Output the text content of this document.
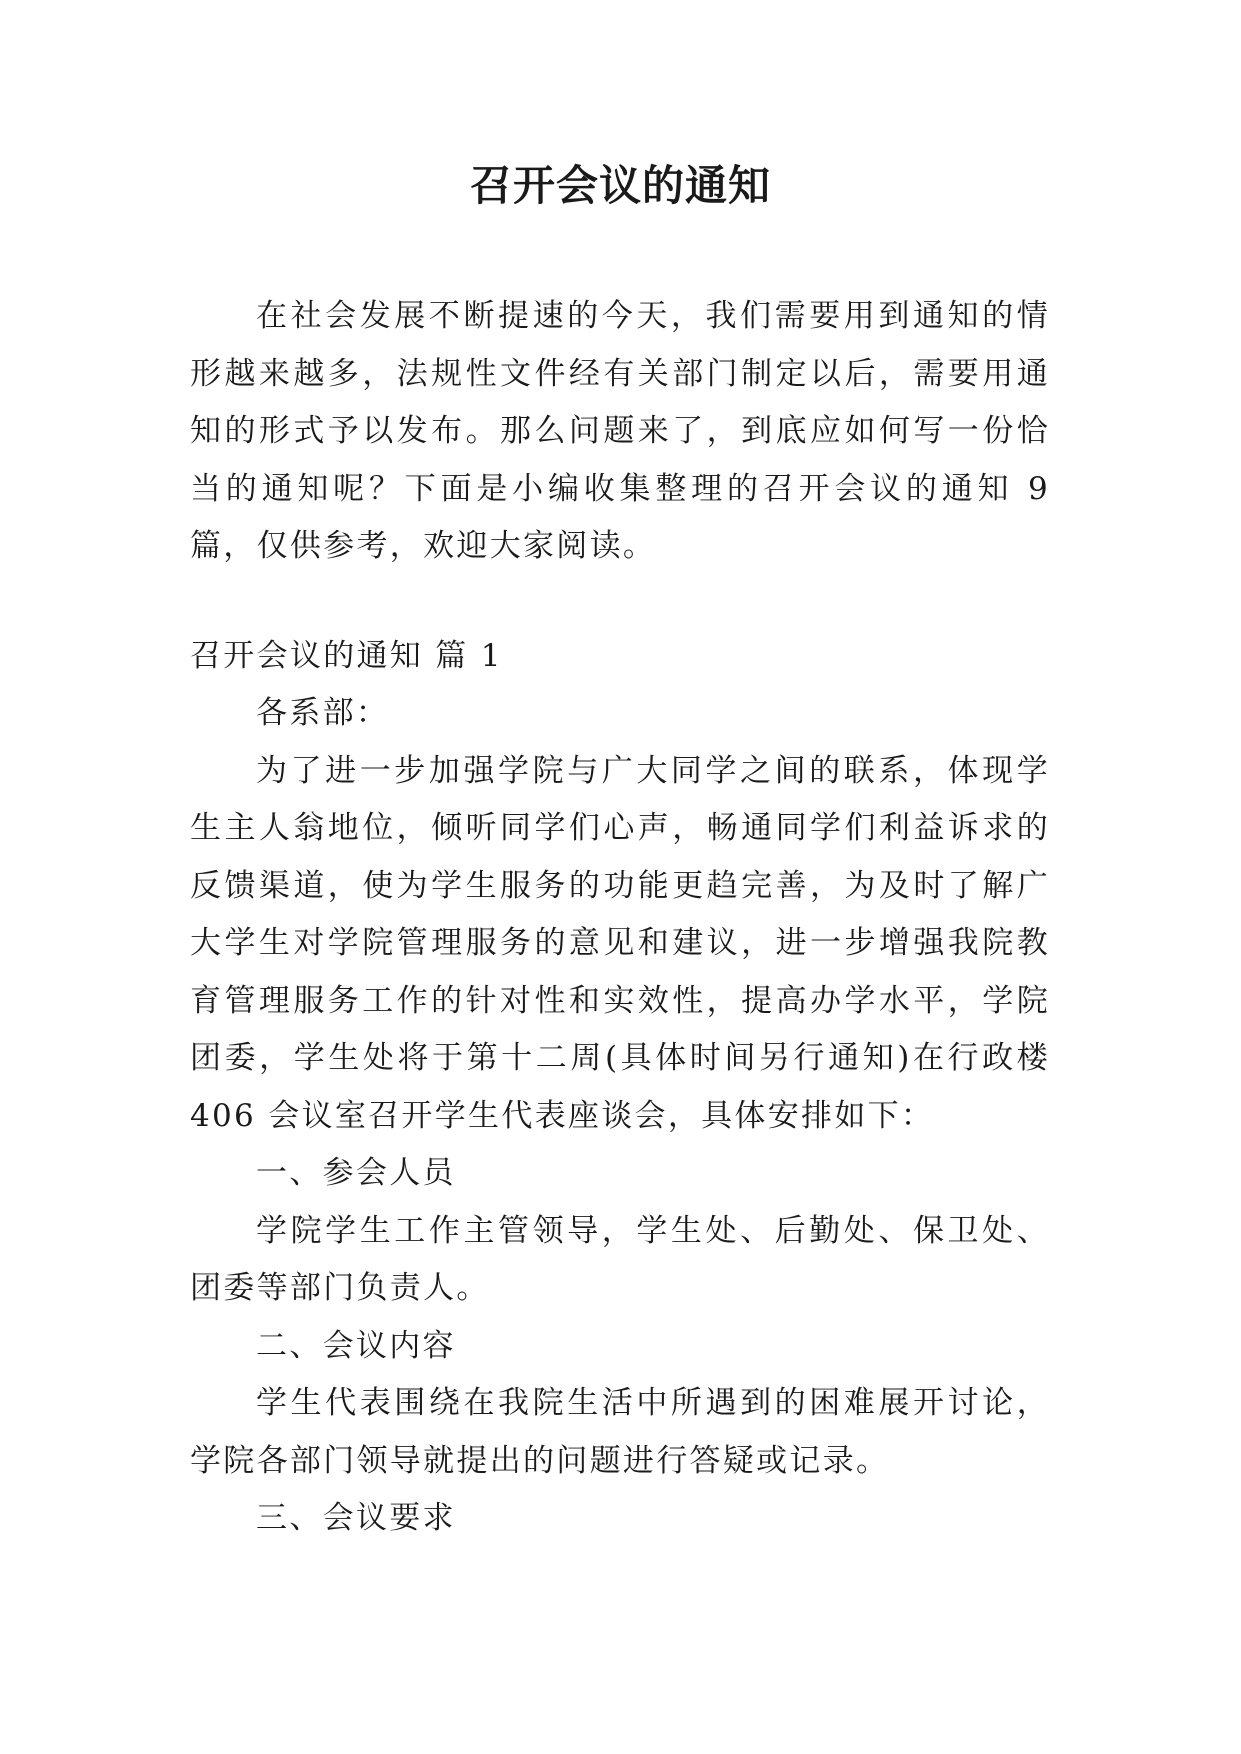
召开会议的通知

在社会发展不断提速的今天，我们需要用到通知的情形越来越多，法规性文件经有关部门制定以后，需要用通知的形式予以发布。那么问题来了，到底应如何写一份恰当的通知呢？下面是小编收集整理的召开会议的通知 9 篇，仅供参考，欢迎大家阅读。

召开会议的通知 篇 1

各系部：

为了进一步加强学院与广大同学之间的联系，体现学生主人翁地位，倾听同学们心声，畅通同学们利益诉求的反馈渠道，使为学生服务的功能更趋完善，为及时了解广大学生对学院管理服务的意见和建议，进一步增强我院教育管理服务工作的针对性和实效性，提高办学水平，学院团委，学生处将于第十二周(具体时间另行通知)在行政楼 406 会议室召开学生代表座谈会，具体安排如下：

一、参会人员

学院学生工作主管领导，学生处、后勤处、保卫处、团委等部门负责人。

二、会议内容

学生代表围绕在我院生活中所遇到的困难展开讨论，学院各部门领导就提出的问题进行答疑或记录。

三、会议要求
